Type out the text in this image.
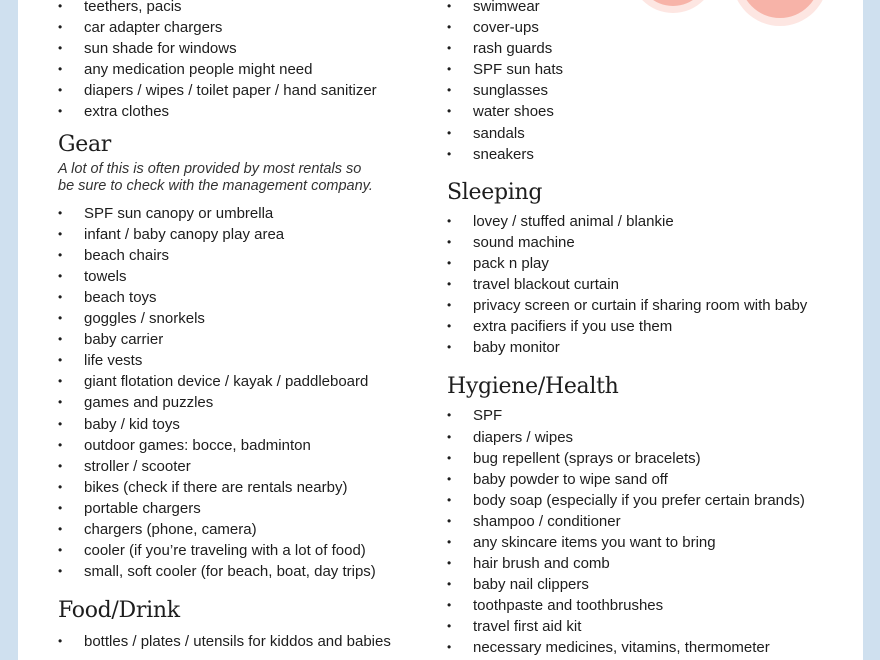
• teethers, pacis
• car adapter chargers
• sun shade for windows
• any medication people might need
• diapers / wipes / toilet paper / hand sanitizer
• extra clothes
Gear
A lot of this is often provided by most rentals so
be sure to check with the management company.
• SPF sun canopy or umbrella
• infant / baby canopy play area
• beach chairs
• towels
• beach toys
• goggles / snorkels
• baby carrier
• life vests
• giant flotation device / kayak / paddleboard
• games and puzzles
• baby / kid toys
• outdoor games: bocce, badminton
• stroller / scooter
• bikes (check if there are rentals nearby)
• portable chargers
• chargers (phone, camera)
• cooler (if you’re traveling with a lot of food)
• small, soft cooler (for beach, boat, day trips)
Food/Drink
• bottles / plates / utensils for kiddos and babies
• swimwear
• cover-ups
• rash guards
• SPF sun hats
• sunglasses
• water shoes
• sandals
• sneakers
Sleeping
• lovey / stuffed animal / blankie
• sound machine
• pack n play
• travel blackout curtain
• privacy screen or curtain if sharing room with baby
• extra pacifiers if you use them
• baby monitor
Hygiene/Health
• SPF
• diapers / wipes
• bug repellent (sprays or bracelets)
• baby powder to wipe sand off
• body soap (especially if you prefer certain brands)
• shampoo / conditioner
• any skincare items you want to bring
• hair brush and comb
• baby nail clippers
• toothpaste and toothbrushes
• travel first aid kit
• necessary medicines, vitamins, thermometer
